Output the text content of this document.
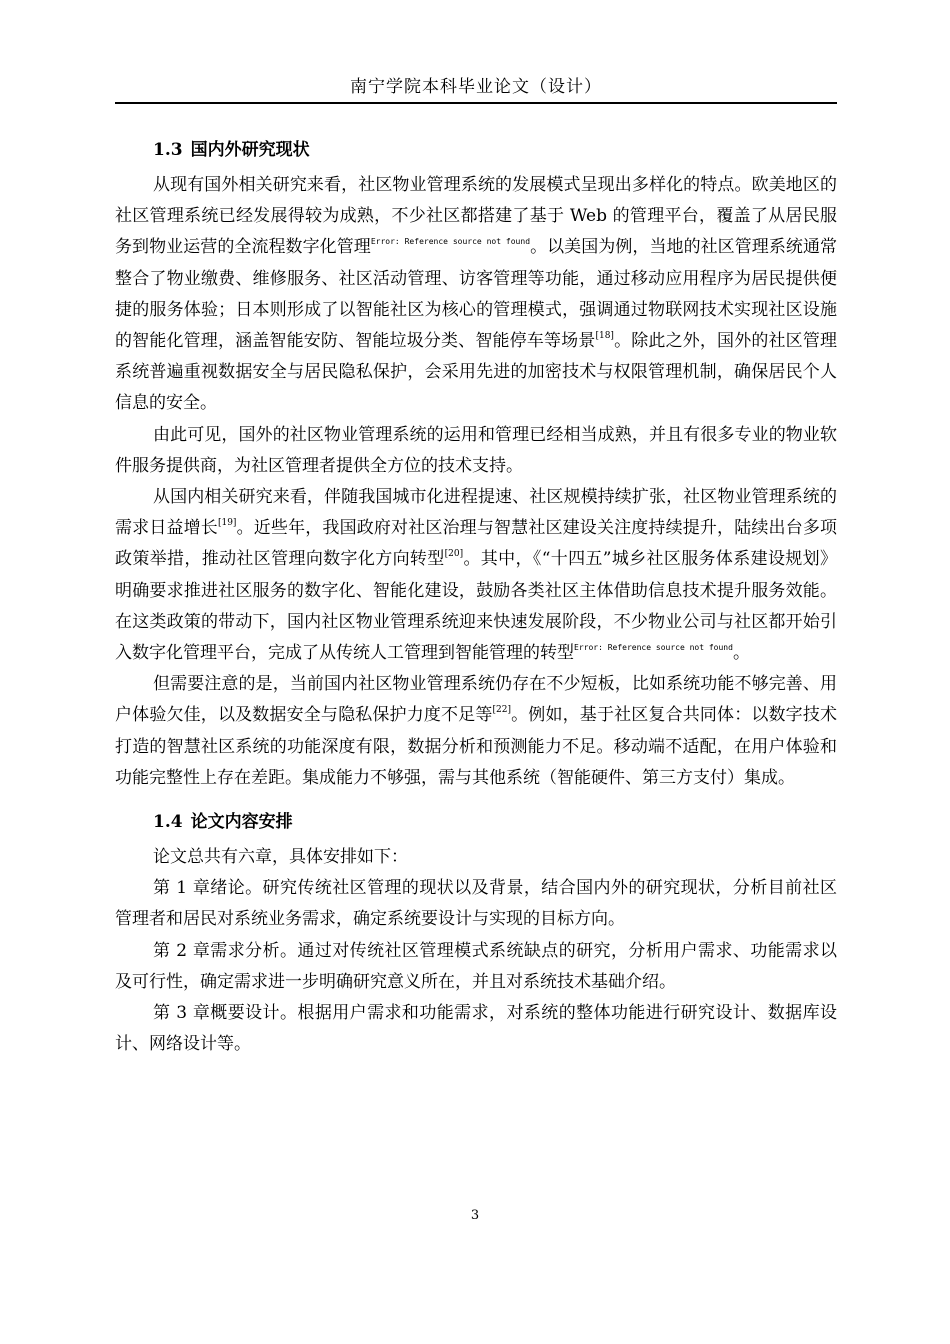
南宁学院本科毕业论文（设计）
1.3 国内外研究现状

从现有国外相关研究来看，社区物业管理系统的发展模式呈现出多样化的特点。欧美地区的社区管理系统已经发展得较为成熟，不少社区都搭建了基于 Web 的管理平台，覆盖了从居民服务到物业运营的全流程数字化管理$^{Error: Reference source not found}$。以美国为例，当地的社区管理系统通常整合了物业缴费、维修服务、社区活动管理、访客管理等功能，通过移动应用程序为居民提供便捷的服务体验；日本则形成了以智能社区为核心的管理模式，强调通过物联网技术实现社区设施的智能化管理，涵盖智能安防、智能垃圾分类、智能停车等场景[18]。除此之外，国外的社区管理系统普遍重视数据安全与居民隐私保护，会采用先进的加密技术与权限管理机制，确保居民个人信息的安全。

由此可见，国外的社区物业管理系统的运用和管理已经相当成熟，并且有很多专业的物业软件服务提供商，为社区管理者提供全方位的技术支持。

从国内相关研究来看，伴随我国城市化进程提速、社区规模持续扩张，社区物业管理系统的需求日益增长[19]。近些年，我国政府对社区治理与智慧社区建设关注度持续提升，陆续出台多项政策举措，推动社区管理向数字化方向转型[20]。其中，《“十四五”城乡社区服务体系建设规划》明确要求推进社区服务的数字化、智能化建设，鼓励各类社区主体借助信息技术提升服务效能。在这类政策的带动下，国内社区物业管理系统迎来快速发展阶段，不少物业公司与社区都开始引入数字化管理平台，完成了从传统人工管理到智能管理的转型$^{Error: Reference source not found}$。

但需要注意的是，当前国内社区物业管理系统仍存在不少短板，比如系统功能不够完善、用户体验欠佳，以及数据安全与隐私保护力度不足等[22]。例如，基于社区复合共同体：以数字技术打造的智慧社区系统的功能深度有限，数据分析和预测能力不足。移动端不适配，在用户体验和功能完整性上存在差距。集成能力不够强，需与其他系统（智能硬件、第三方支付）集成。

1.4 论文内容安排

论文总共有六章，具体安排如下：

第 1 章绪论。研究传统社区管理的现状以及背景，结合国内外的研究现状，分析目前社区管理者和居民对系统业务需求，确定系统要设计与实现的目标方向。

第 2 章需求分析。通过对传统社区管理模式系统缺点的研究，分析用户需求、功能需求以及可行性，确定需求进一步明确研究意义所在，并且对系统技术基础介绍。

第 3 章概要设计。根据用户需求和功能需求，对系统的整体功能进行研究设计、数据库设计、网络设计等。

3
